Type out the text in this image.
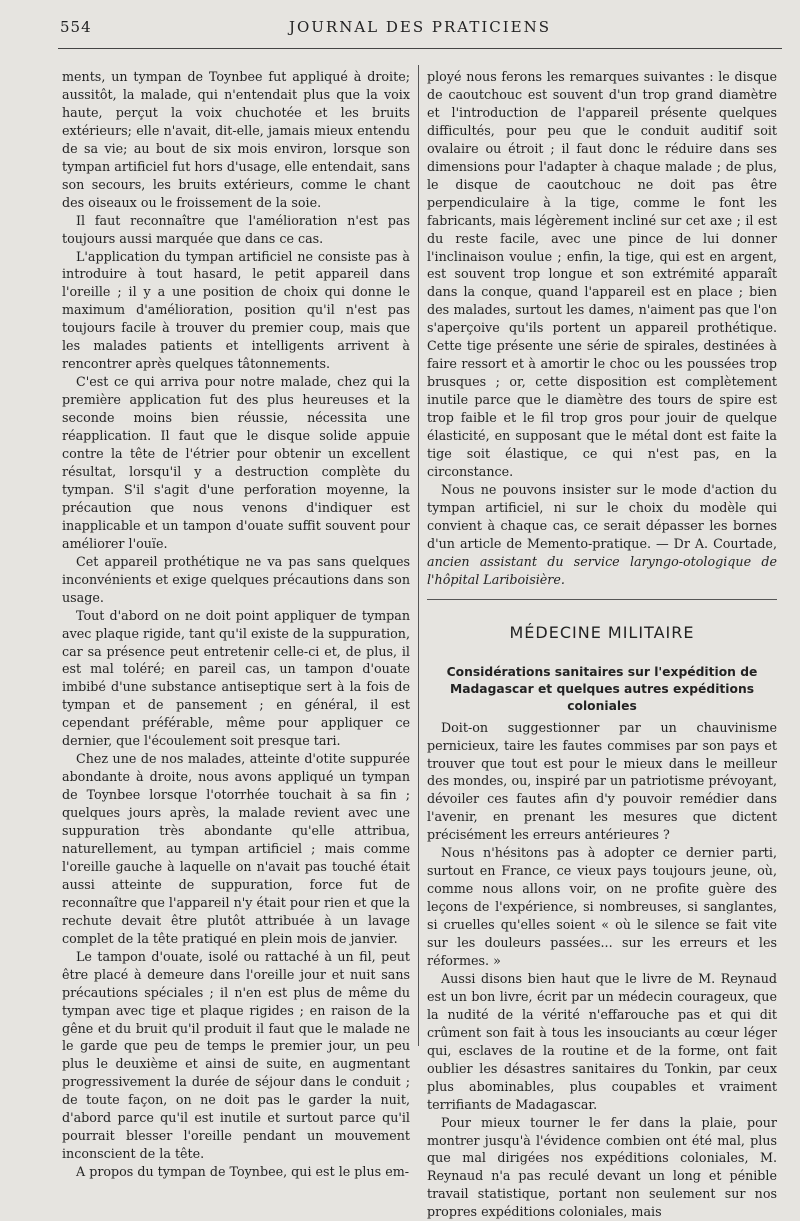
554	JOURNAL DES PRATICIENS

ments, un tympan de Toynbee fut appliqué à droite; aussitôt, la malade, qui n'entendait plus que la voix haute, perçut la voix chuchotée et les bruits extérieurs; elle n'avait, dit-elle, jamais mieux entendu de sa vie; au bout de six mois environ, lorsque son tympan artificiel fut hors d'usage, elle entendait, sans son secours, les bruits extérieurs, comme le chant des oiseaux ou le froissement de la soie.

Il faut reconnaître que l'amélioration n'est pas toujours aussi marquée que dans ce cas.

L'application du tympan artificiel ne consiste pas à introduire à tout hasard, le petit appareil dans l'oreille ; il y a une position de choix qui donne le maximum d'amélioration, position qu'il n'est pas toujours facile à trouver du premier coup, mais que les malades patients et intelligents arrivent à rencontrer après quelques tâtonnements.

C'est ce qui arriva pour notre malade, chez qui la première application fut des plus heureuses et la seconde moins bien réussie, nécessita une réapplication. Il faut que le disque solide appuie contre la tête de l'étrier pour obtenir un excellent résultat, lorsqu'il y a destruction complète du tympan. S'il s'agit d'une perforation moyenne, la précaution que nous venons d'indiquer est inapplicable et un tampon d'ouate suffit souvent pour améliorer l'ouïe.

Cet appareil prothétique ne va pas sans quelques inconvénients et exige quelques précautions dans son usage.

Tout d'abord on ne doit point appliquer de tympan avec plaque rigide, tant qu'il existe de la suppuration, car sa présence peut entretenir celle-ci et, de plus, il est mal toléré; en pareil cas, un tampon d'ouate imbibé d'une substance antiseptique sert à la fois de tympan et de pansement ; en général, il est cependant préférable, même pour appliquer ce dernier, que l'écoulement soit presque tari.

Chez une de nos malades, atteinte d'otite suppurée abondante à droite, nous avons appliqué un tympan de Toynbee lorsque l'otorrhée touchait à sa fin ; quelques jours après, la malade revient avec une suppuration très abondante qu'elle attribua, naturellement, au tympan artificiel ; mais comme l'oreille gauche à laquelle on n'avait pas touché était aussi atteinte de suppuration, force fut de reconnaître que l'appareil n'y était pour rien et que la rechute devait être plutôt attribuée à un lavage complet de la tête pratiqué en plein mois de janvier.

Le tampon d'ouate, isolé ou rattaché à un fil, peut être placé à demeure dans l'oreille jour et nuit sans précautions spéciales ; il n'en est plus de même du tympan avec tige et plaque rigides ; en raison de la gêne et du bruit qu'il produit il faut que le malade ne le garde que peu de temps le premier jour, un peu plus le deuxième et ainsi de suite, en augmentant progressivement la durée de séjour dans le conduit ; de toute façon, on ne doit pas le garder la nuit, d'abord parce qu'il est inutile et surtout parce qu'il pourrait blesser l'oreille pendant un mouvement inconscient de la tête.

A propos du tympan de Toynbee, qui est le plus em-

ployé nous ferons les remarques suivantes : le disque de caoutchouc est souvent d'un trop grand diamètre et l'introduction de l'appareil présente quelques difficultés, pour peu que le conduit auditif soit ovalaire ou étroit ; il faut donc le réduire dans ses dimensions pour l'adapter à chaque malade ; de plus, le disque de caoutchouc ne doit pas être perpendiculaire à la tige, comme le font les fabricants, mais légèrement incliné sur cet axe ; il est du reste facile, avec une pince de lui donner l'inclinaison voulue ; enfin, la tige, qui est en argent, est souvent trop longue et son extrémité apparaît dans la conque, quand l'appareil est en place ; bien des malades, surtout les dames, n'aiment pas que l'on s'aperçoive qu'ils portent un appareil prothétique. Cette tige présente une série de spirales, destinées à faire ressort et à amortir le choc ou les poussées trop brusques ; or, cette disposition est complètement inutile parce que le diamètre des tours de spire est trop faible et le fil trop gros pour jouir de quelque élasticité, en supposant que le métal dont est faite la tige soit élastique, ce qui n'est pas, en la circonstance.

Nous ne pouvons insister sur le mode d'action du tympan artificiel, ni sur le choix du modèle qui convient à chaque cas, ce serait dépasser les bornes d'un article de Memento-pratique. — Dr A. Courtade, ancien assistant du service laryngo-otologique de l'hôpital Lariboisière.

MÉDECINE MILITAIRE
Considérations sanitaires sur l'expédition de Madagascar et quelques autres expéditions coloniales

Doit-on suggestionner par un chauvinisme pernicieux, taire les fautes commises par son pays et trouver que tout est pour le mieux dans le meilleur des mondes, ou, inspiré par un patriotisme prévoyant, dévoiler ces fautes afin d'y pouvoir remédier dans l'avenir, en prenant les mesures que dictent précisément les erreurs antérieures ?

Nous n'hésitons pas à adopter ce dernier parti, surtout en France, ce vieux pays toujours jeune, où, comme nous allons voir, on ne profite guère des leçons de l'expérience, si nombreuses, si sanglantes, si cruelles qu'elles soient « où le silence se fait vite sur les douleurs passées... sur les erreurs et les réformes. »

Aussi disons bien haut que le livre de M. Reynaud est un bon livre, écrit par un médecin courageux, que la nudité de la vérité n'effarouche pas et qui dit crûment son fait à tous les insouciants au cœur léger qui, esclaves de la routine et de la forme, ont fait oublier les désastres sanitaires du Tonkin, par ceux plus abominables, plus coupables et vraiment terrifiants de Madagascar.

Pour mieux tourner le fer dans la plaie, pour montrer jusqu'à l'évidence combien ont été mal, plus que mal dirigées nos expéditions coloniales, M. Reynaud n'a pas reculé devant un long et pénible travail statistique, portant non seulement sur nos propres expéditions coloniales, mais
